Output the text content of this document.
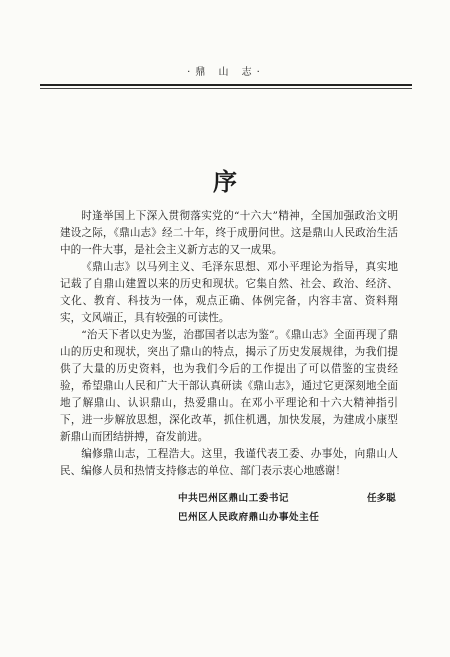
·鼎 山 志·
序

时逢举国上下深入贯彻落实党的“十六大”精神，全国加强政治文明建设之际，《鼎山志》经二十年，终于成册问世。这是鼎山人民政治生活中的一件大事，是社会主义新方志的又一成果。

《鼎山志》以马列主义、毛泽东思想、邓小平理论为指导，真实地记载了自鼎山建置以来的历史和现状。它集自然、社会、政治、经济、文化、教育、科技为一体，观点正确、体例完备，内容丰富、资料翔实，文风端正，具有较强的可读性。

“治天下者以史为鉴，治郡国者以志为鉴”。《鼎山志》全面再现了鼎山的历史和现状，突出了鼎山的特点，揭示了历史发展规律，为我们提供了大量的历史资料，也为我们今后的工作提出了可以借鉴的宝贵经验，希望鼎山人民和广大干部认真研读《鼎山志》，通过它更深刻地全面地了解鼎山、认识鼎山，热爱鼎山。在邓小平理论和十六大精神指引下，进一步解放思想，深化改革，抓住机遇，加快发展，为建成小康型新鼎山而团结拼搏，奋发前进。

编修鼎山志，工程浩大。这里，我谨代表工委、办事处，向鼎山人民、编修人员和热情支持修志的单位、部门表示衷心地感谢！

中共巴州区鼎山工委书记
巴州区人民政府鼎山办事处主任
任多聪
